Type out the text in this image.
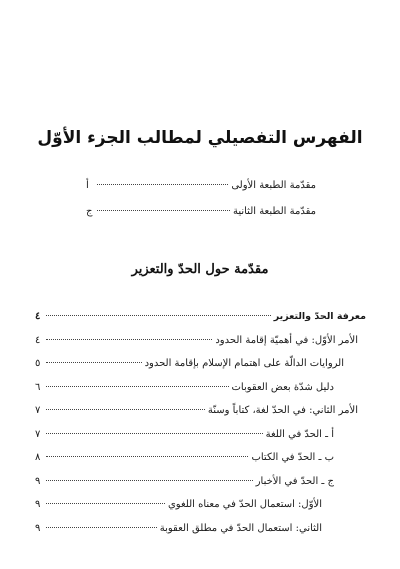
الفهرس التفصيلي لمطالب الجزء الأوّل
مقدّمة الطبعة الأولى
أ
مقدّمة الطبعة الثانية
ج
مقدّمة حول الحدّ والتعزير
معرفة الحدّ والتعزير
٤
الأمر الأوّل: في أهميّة إقامة الحدود
٤
الروايات الدالّة على اهتمام الإسلام بإقامة الحدود
٥
دليل شدّة بعض العقوبات
٦
الأمر الثاني: في الحدّ لغة، كتاباً وسنّة
٧
أ ـ الحدّ في اللغة
٧
ب ـ الحدّ في الكتاب
٨
ج ـ الحدّ في الأخبار
٩
الأوّل: استعمال الحدّ في معناه اللغوي
٩
الثاني: استعمال الحدّ في مطلق العقوبة
٩
